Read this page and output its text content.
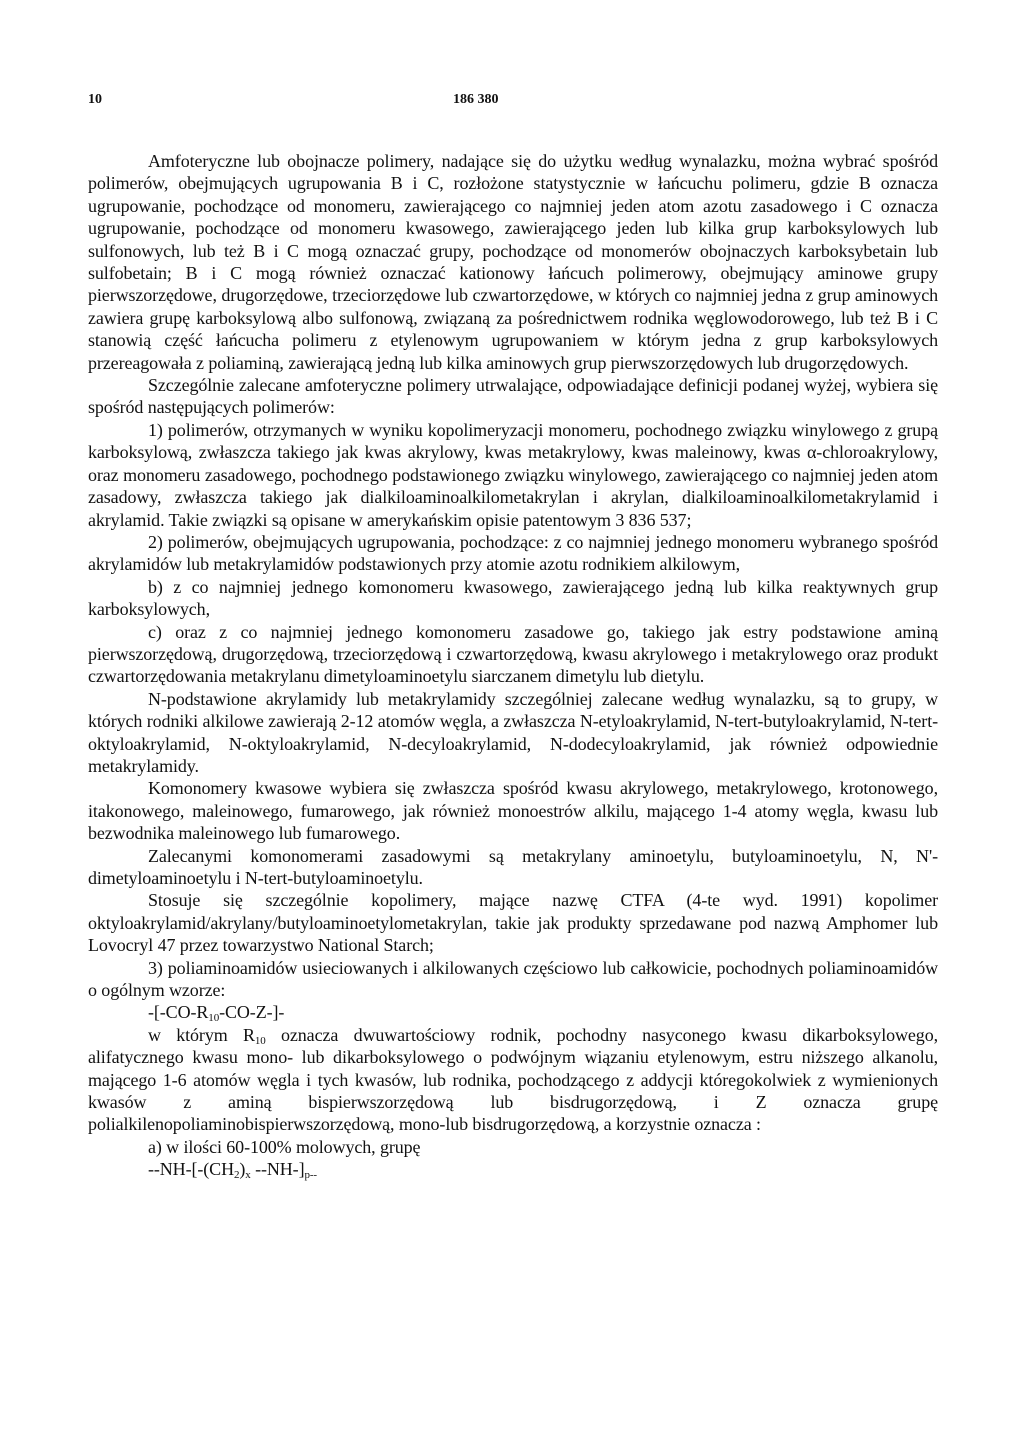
10	186 380

Amfoteryczne lub obojnacze polimery, nadające się do użytku według wynalazku, można wybrać spośród polimerów, obejmujących ugrupowania B i C, rozłożone statystycznie w łańcuchu polimeru, gdzie B oznacza ugrupowanie, pochodzące od monomeru, zawierającego co najmniej jeden atom azotu zasadowego i C oznacza ugrupowanie, pochodzące od monomeru kwasowego, zawierającego jeden lub kilka grup karboksylowych lub sulfonowych, lub też B i C mogą oznaczać grupy, pochodzące od monomerów obojnaczych karboksybetain lub sulfobetain; B i C mogą również oznaczać kationowy łańcuch polimerowy, obejmujący aminowe grupy pierwszorzędowe, drugorzędowe, trzeciorzędowe lub czwartorzędowe, w których co najmniej jedna z grup aminowych zawiera grupę karboksylową albo sulfonową, związaną za pośrednictwem rodnika węglowodorowego, lub też B i C stanowią część łańcucha polimeru z etylenowym ugrupowaniem w którym jedna z grup karboksylowych przereagowała z poliaminą, zawierającą jedną lub kilka aminowych grup pierwszorzędowych lub drugorzędowych.

Szczególnie zalecane amfoteryczne polimery utrwalające, odpowiadające definicji podanej wyżej, wybiera się spośród następujących polimerów:

1) polimerów, otrzymanych w wyniku kopolimeryzacji monomeru, pochodnego związku winylowego z grupą karboksylową, zwłaszcza takiego jak kwas akrylowy, kwas metakrylowy, kwas maleinowy, kwas α-chloroakrylowy, oraz monomeru zasadowego, pochodnego podstawionego związku winylowego, zawierającego co najmniej jeden atom zasadowy, zwłaszcza takiego jak dialkiloaminoalkilometakrylan i akrylan, dialkiloaminoalkilometakrylamid i akrylamid. Takie związki są opisane w amerykańskim opisie patentowym 3 836 537;

2) polimerów, obejmujących ugrupowania, pochodzące: z co najmniej jednego monomeru wybranego spośród akrylamidów lub metakrylamidów podstawionych przy atomie azotu rodnikiem alkilowym,

b) z co najmniej jednego komonomeru kwasowego, zawierającego jedną lub kilka reaktywnych grup karboksylowych,

c) oraz z co najmniej jednego komonomeru zasadowe go, takiego jak estry podstawione aminą pierwszorzędową, drugorzędową, trzeciorzędową i czwartorzędową, kwasu akrylowego i metakrylowego oraz produkt czwartorzędowania metakrylanu dimetyloaminoetylu siarczanem dimetylu lub dietylu.

N-podstawione akrylamidy lub metakrylamidy szczególniej zalecane według wynalazku, są to grupy, w których rodniki alkilowe zawierają 2-12 atomów węgla, a zwłaszcza N-etyloakrylamid, N-tert-butyloakrylamid, N-tert-oktyloakrylamid, N-oktyloakrylamid, N-decyloakrylamid, N-dodecyloakrylamid, jak również odpowiednie metakrylamidy.

Komonomery kwasowe wybiera się zwłaszcza spośród kwasu akrylowego, metakrylowego, krotonowego, itakonowego, maleinowego, fumarowego, jak również monoestrów alkilu, mającego 1-4 atomy węgla, kwasu lub bezwodnika maleinowego lub fumarowego.

Zalecanymi komonomerami zasadowymi są metakrylany aminoetylu, butyloaminoetylu, N, N'-dimetyloaminoetylu i N-tert-butyloaminoetylu.

Stosuje się szczególnie kopolimery, mające nazwę CTFA (4-te wyd. 1991) kopolimer oktyloakrylamid/akrylany/butyloaminoetylometakrylan, takie jak produkty sprzedawane pod nazwą Amphomer lub Lovocryl 47 przez towarzystwo National Starch;

3) poliaminoamidów usieciowanych i alkilowanych częściowo lub całkowicie, pochodnych poliaminoamidów o ogólnym wzorze:

$-[-CO-R_{10}-CO-Z-]-$

w którym $R_{10}$ oznacza dwuwartościowy rodnik, pochodny nasyconego kwasu dikarboksylowego, alifatycznego kwasu mono- lub dikarboksylowego o podwójnym wiązaniu etylenowym, estru niższego alkanolu, mającego 1-6 atomów węgla i tych kwasów, lub rodnika, pochodzącego z addycji któregokolwiek z wymienionych kwasów z aminą bispierwszorzędową lub bisdrugorzędową, i Z oznacza grupę polialkilenopoliaminobispierwszorzędową, mono-lub bisdrugorzędową, a korzystnie oznacza :

a) w ilości 60-100% molowych, grupę

$--NH-[-(CH_2)_x$ $--NH-]_{p--}$
